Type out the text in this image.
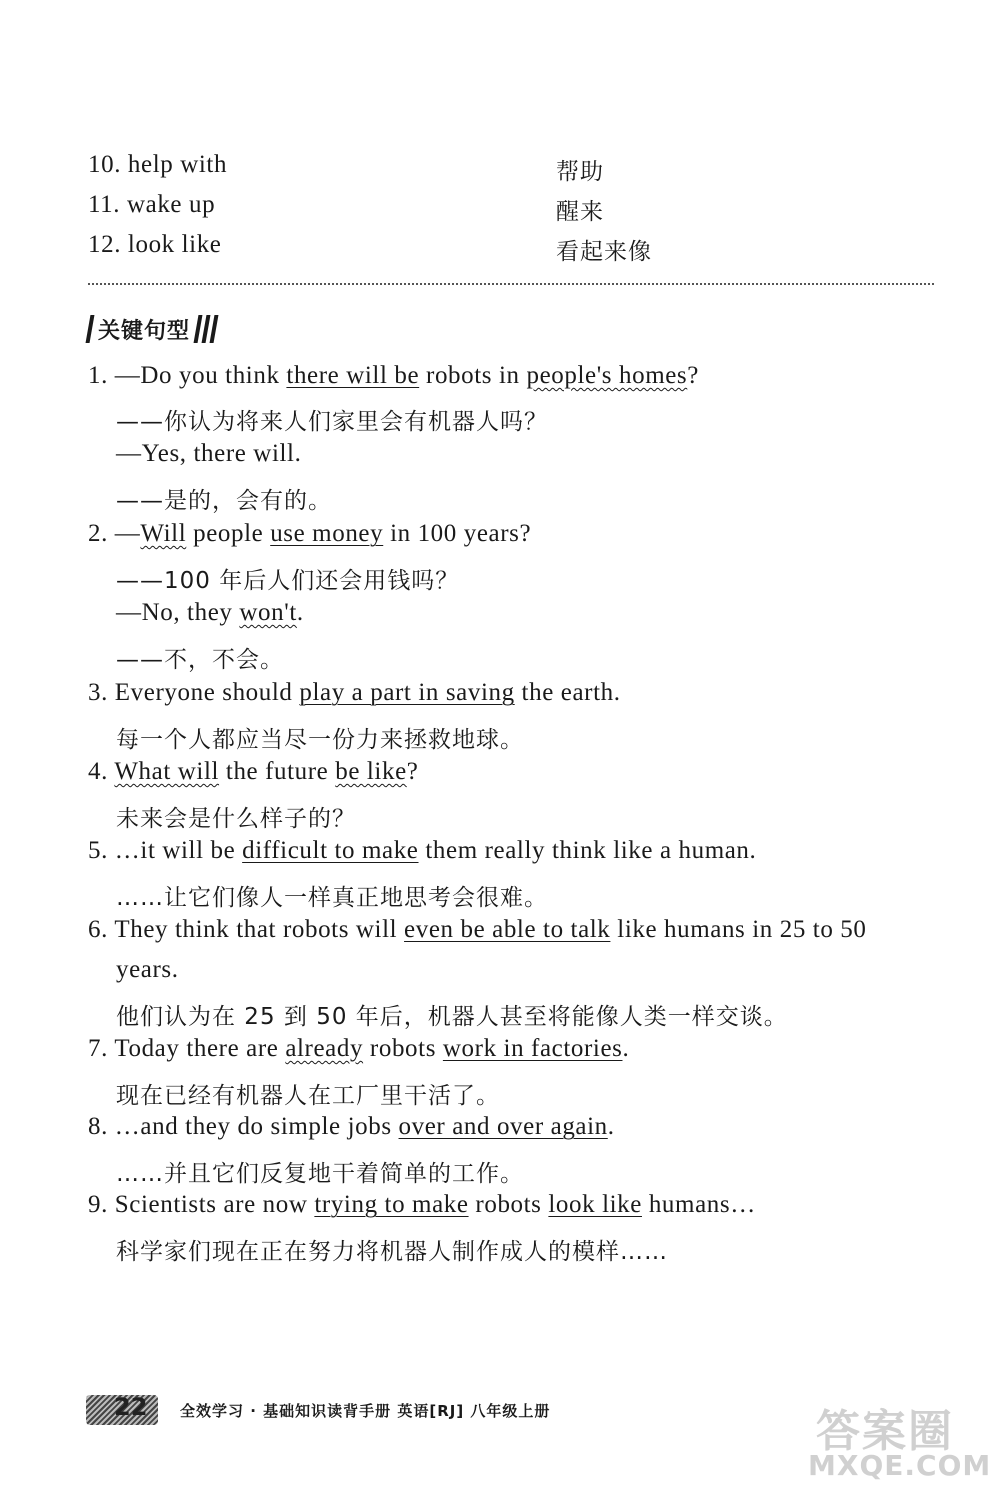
10. help with	帮助
11. wake up	醒来
12. look like	看起来像
关键句型
1. —Do you think there will be robots in people's homes?
——你认为将来人们家里会有机器人吗？
—Yes, there will.
——是的，会有的。
2. —Will people use money in 100 years?
——100 年后人们还会用钱吗？
—No, they won't.
——不，不会。
3. Everyone should play a part in saving the earth.
每一个人都应当尽一份力来拯救地球。
4. What will the future be like?
未来会是什么样子的？
5. …it will be difficult to make them really think like a human.
……让它们像人一样真正地思考会很难。
6. They think that robots will even be able to talk like humans in 25 to 50
years.
他们认为在 25 到 50 年后，机器人甚至将能像人类一样交谈。
7. Today there are already robots work in factories.
现在已经有机器人在工厂里干活了。
8. …and they do simple jobs over and over again.
……并且它们反复地干着简单的工作。
9. Scientists are now trying to make robots look like humans…
科学家们现在正在努力将机器人制作成人的模样……
22 全效学习 · 基础知识读背手册 英语[RJ] 八年级上册	答案圈
MXQE.COM
